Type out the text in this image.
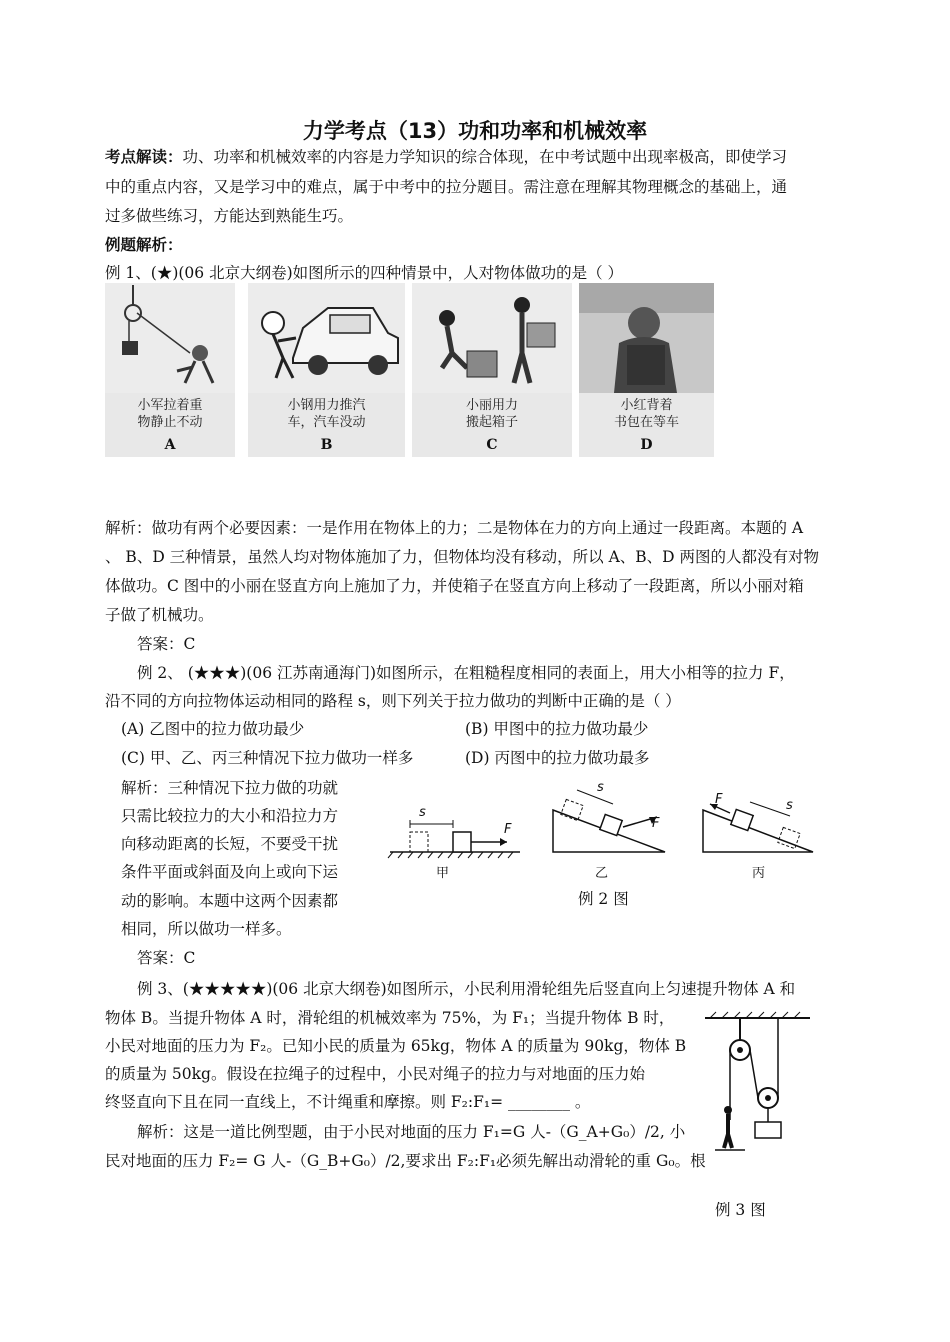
力学考点（13）功和功率和机械效率
考点解读：功、功率和机械效率的内容是力学知识的综合体现，在中考试题中出现率极高，即使学习
中的重点内容，又是学习中的难点，属于中考中的拉分题目。需注意在理解其物理概念的基础上，通
过多做些练习，方能达到熟能生巧。
例题解析：
例 1、(★)(06 北京大纲卷)如图所示的四种情景中，人对物体做功的是（ ）
小军拉着重
物静止不动
A
小钢用力推汽
车，汽车没动
B
小丽用力
搬起箱子
C
小红背着
书包在等车
D
解析：做功有两个必要因素：一是作用在物体上的力；二是物体在力的方向上通过一段距离。本题的 A
、 B、D 三种情景，虽然人均对物体施加了力，但物体均没有移动，所以 A、B、D 两图的人都没有对物
体做功。C 图中的小丽在竖直方向上施加了力，并使箱子在竖直方向上移动了一段距离，所以小丽对箱
子做了机械功。
答案：C
例 2、 (★★★)(06 江苏南通海门)如图所示，在粗糙程度相同的表面上，用大小相等的拉力 F，
沿不同的方向拉物体运动相同的路程 s，则下列关于拉力做功的判断中正确的是（ ）
(A) 乙图中的拉力做功最少	(B) 甲图中的拉力做功最少
(C) 甲、乙、丙三种情况下拉力做功一样多	(D) 丙图中的拉力做功最多
解析：三种情况下拉力做的功就
只需比较拉力的大小和沿拉力方
向移动距离的长短，不要受干扰
条件平面或斜面及向上或向下运
动的影响。本题中这两个因素都
相同，所以做功一样多。
答案：C
s
F
s
F
F	s
甲	乙	丙
例 2 图
例 3、(★★★★★)(06 北京大纲卷)如图所示，小民利用滑轮组先后竖直向上匀速提升物体 A 和
物体 B。当提升物体 A 时，滑轮组的机械效率为 75%，为 F₁；当提升物体 B 时，
小民对地面的压力为 F₂。已知小民的质量为 65kg，物体 A 的质量为 90kg，物体 B
的质量为 50kg。假设在拉绳子的过程中，小民对绳子的拉力与对地面的压力始
终竖直向下且在同一直线上，不计绳重和摩擦。则 F₂:F₁= ________ 。
解析：这是一道比例型题，由于小民对地面的压力 F₁=G 人-（G_A+G₀）/2, 小
民对地面的压力 F₂= G 人-（G_B+G₀）/2,要求出 F₂:F₁必须先解出动滑轮的重 G₀。根
例 3 图
